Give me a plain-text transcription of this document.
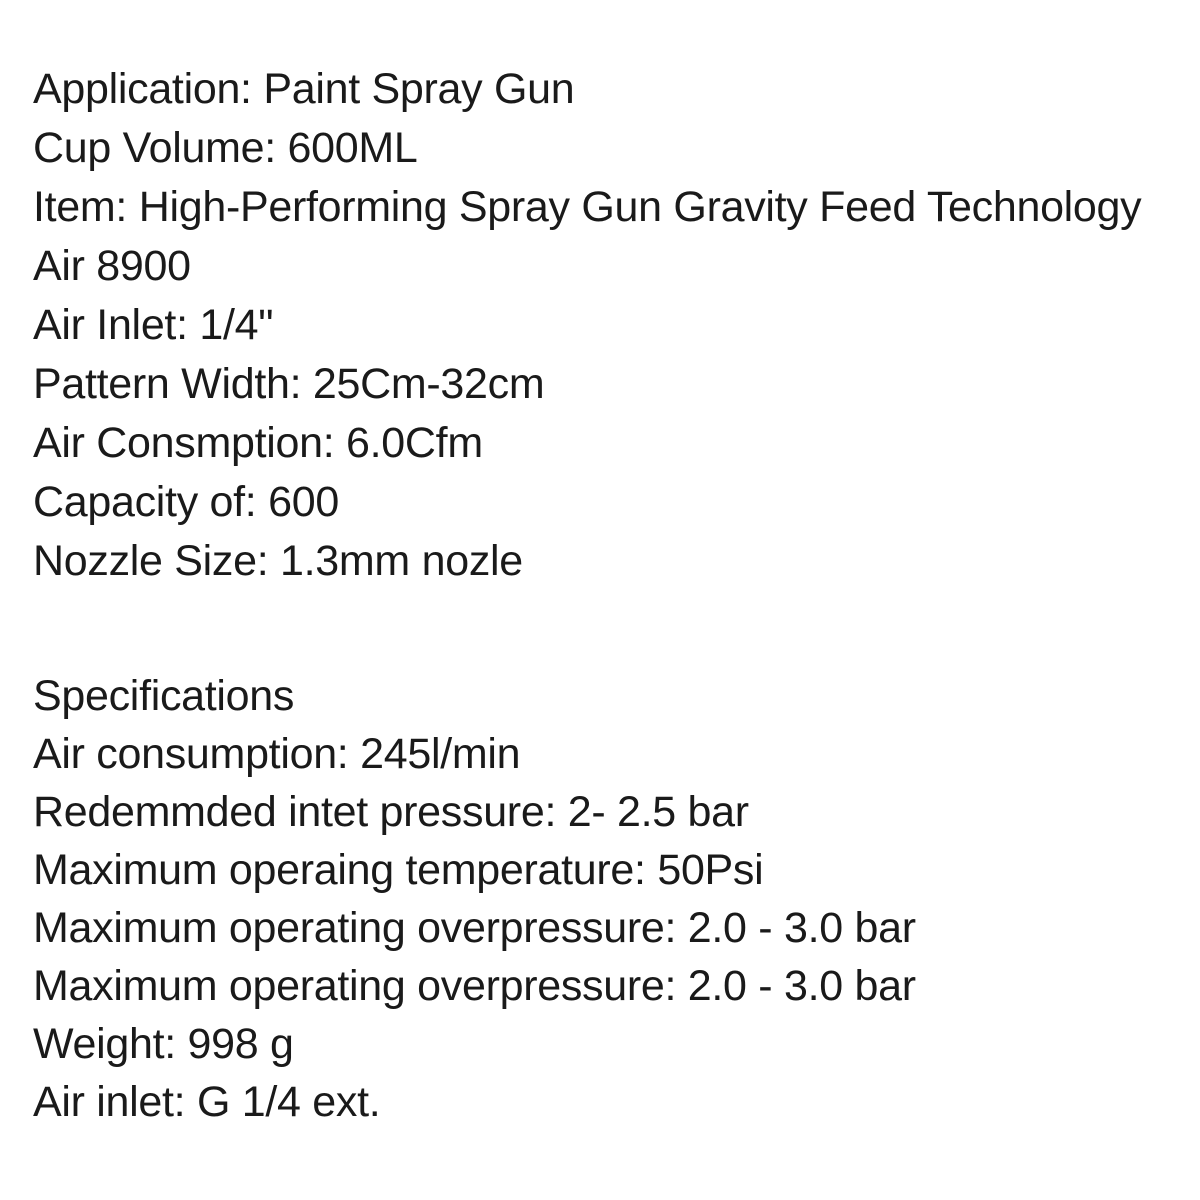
Application: Paint Spray Gun
Cup Volume: 600ML
Item: High-Performing Spray Gun Gravity Feed Technology
Air 8900
Air Inlet: 1/4"
Pattern Width: 25Cm-32cm
Air Consmption: 6.0Cfm
Capacity of: 600
Nozzle Size: 1.3mm nozle
Specifications
Air consumption: 245l/min
Redemmded intet pressure: 2- 2.5 bar
Maximum operaing temperature: 50Psi
Maximum operating overpressure: 2.0 - 3.0 bar
Maximum operating overpressure: 2.0 - 3.0 bar
Weight: 998 g
Air inlet: G 1/4 ext.
